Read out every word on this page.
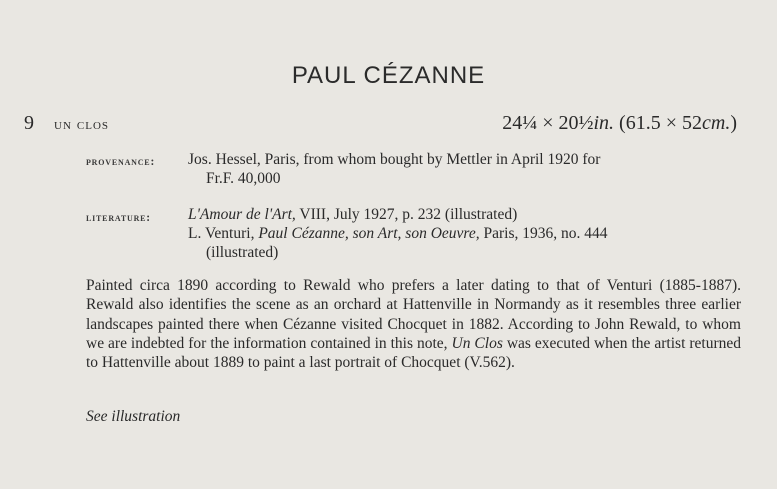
PAUL CÉZANNE
9 un clos	24¼ × 20½in. (61.5 × 52cm.)
provenance: Jos. Hessel, Paris, from whom bought by Mettler in April 1920 for
Fr.F. 40,000
literature: L'Amour de l'Art, VIII, July 1927, p. 232 (illustrated)
L. Venturi, Paul Cézanne, son Art, son Oeuvre, Paris, 1936, no. 444
(illustrated)
Painted circa 1890 according to Rewald who prefers a later dating to that of Venturi (1885-1887). Rewald also identifies the scene as an orchard at Hattenville in Normandy as it resembles three earlier landscapes painted there when Cézanne visited Chocquet in 1882. According to John Rewald, to whom we are indebted for the information contained in this note, Un Clos was executed when the artist returned to Hattenville about 1889 to paint a last portrait of Chocquet (V.562).
See illustration
